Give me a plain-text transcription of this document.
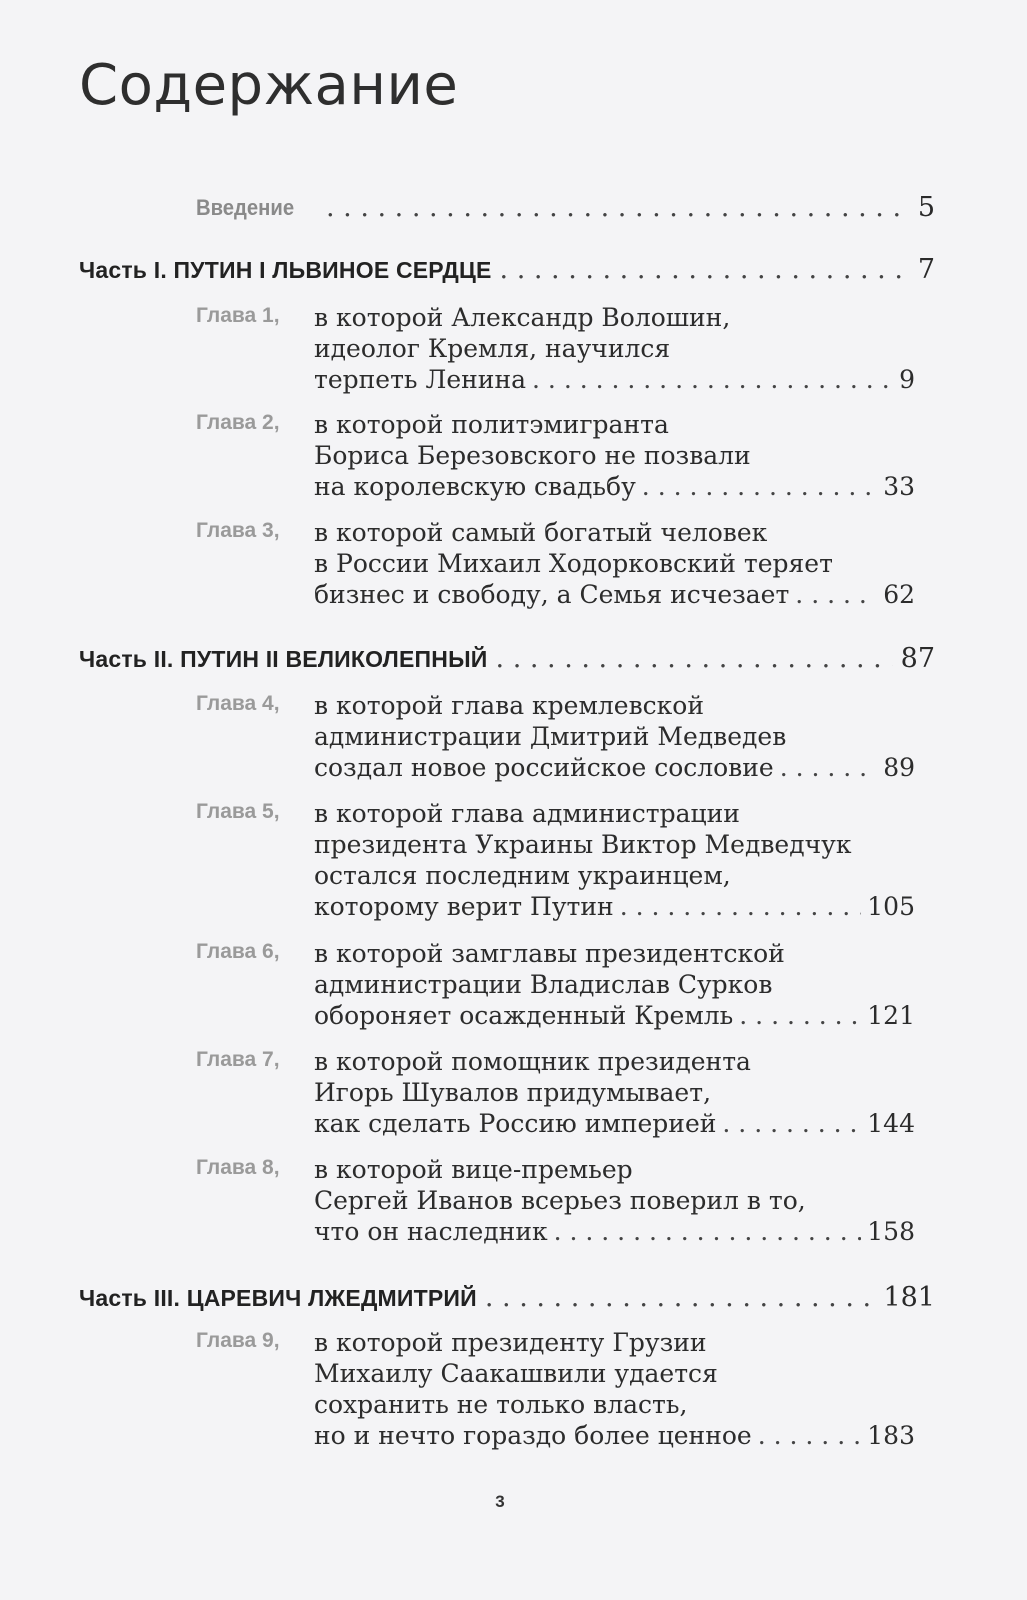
Содержание
Введение . . .	5
Часть I. ПУТИН I ЛЬВИНОЕ СЕРДЦЕ . . .	7
Глава 1, в которой Александр Волошин,
идеолог Кремля, научился
терпеть Ленина . . .	9
Глава 2, в которой политэмигранта
Бориса Березовского не позвали
на королевскую свадьбу . . .	33
Глава 3, в которой самый богатый человек
в России Михаил Ходорковский теряет
бизнес и свободу, а Семья исчезает . . .	62
Часть II. ПУТИН II ВЕЛИКОЛЕПНЫЙ . . .	87
Глава 4, в которой глава кремлевской
администрации Дмитрий Медведев
создал новое российское сословие . . .	89
Глава 5, в которой глава администрации
президента Украины Виктор Медведчук
остался последним украинцем,
которому верит Путин . . .	105
Глава 6, в которой замглавы президентской
администрации Владислав Сурков
обороняет осажденный Кремль . . .	121
Глава 7, в которой помощник президента
Игорь Шувалов придумывает,
как сделать Россию империей . . .	144
Глава 8, в которой вице-премьер
Сергей Иванов всерьез поверил в то,
что он наследник . . .	158
Часть III. ЦАРЕВИЧ ЛЖЕДМИТРИЙ . . .	181
Глава 9, в которой президенту Грузии
Михаилу Саакашвили удается
сохранить не только власть,
но и нечто гораздо более ценное . . .	183
3
